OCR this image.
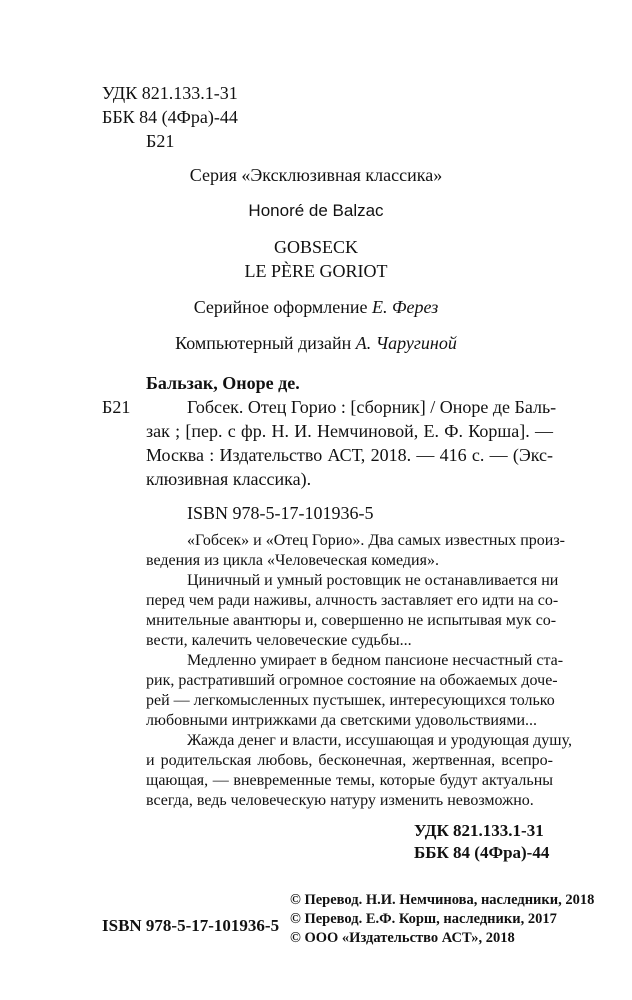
УДК 821.133.1-31
ББК 84 (4Фра)-44
Б21
Серия «Эксклюзивная классика»
Honoré de Balzac
GOBSECK
LE PÈRE GORIOT
Серийное оформление Е. Ферез
Компьютерный дизайн А. Чаругиной
Бальзак, Оноре де.
Б21	Гобсек. Отец Горио : [сборник] / Оноре де Баль-
зак ; [пер. с фр. Н. И. Немчиновой, Е. Ф. Корша]. —
Москва : Издательство АСТ, 2018. — 416 с. — (Экс-
клюзивная классика).
ISBN 978-5-17-101936-5
«Гобсек» и «Отец Горио». Два самых известных произ-
ведения из цикла «Человеческая комедия».
Циничный и умный ростовщик не останавливается ни
перед чем ради наживы, алчность заставляет его идти на со-
мнительные авантюры и, совершенно не испытывая мук со-
вести, калечить человеческие судьбы...
Медленно умирает в бедном пансионе несчастный ста-
рик, растративший огромное состояние на обожаемых доче-
рей — легкомысленных пустышек, интересующихся только
любовными интрижками да светскими удовольствиями...
Жажда денег и власти, иссушающая и уродующая душу,
и родительская любовь, бесконечная, жертвенная, всепро-
щающая, — вневременные темы, которые будут актуальны
всегда, ведь человеческую натуру изменить невозможно.
УДК 821.133.1-31
ББК 84 (4Фра)-44
ISBN 978-5-17-101936-5
© Перевод. Н.И. Немчинова, наследники, 2018
© Перевод. Е.Ф. Корш, наследники, 2017
© ООО «Издательство АСТ», 2018
